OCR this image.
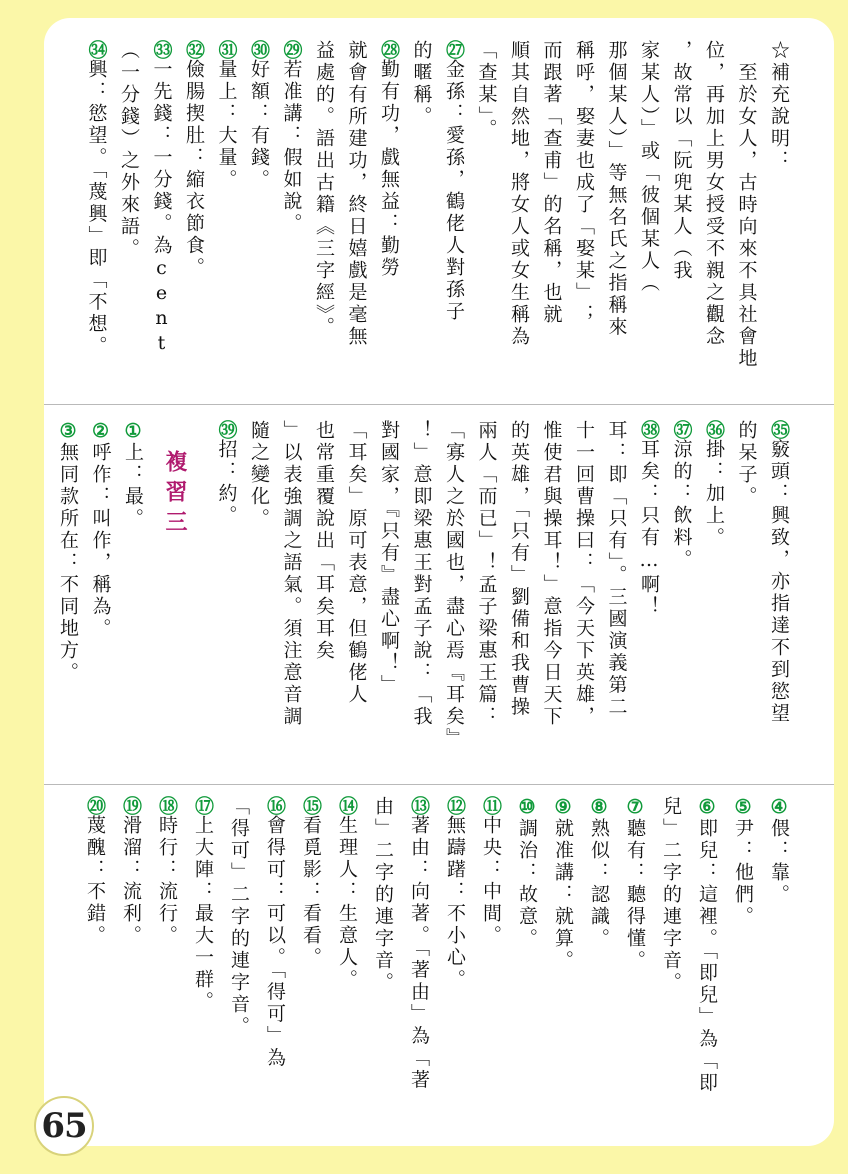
☆補充說明：
　至於女人，古時向來不具社會地
位，再加上男女授受不親之觀念
，故常以「阮兜某人（我
家某人）」或「彼個某人（
那個某人）」等無名氏之指稱來
稱呼，娶妻也成了「娶某」；
而跟著「查甫」的名稱，也就
順其自然地，將女人或女生稱為
「查某」。
㉗金孫：愛孫，鶴佬人對孫子
的暱稱。
㉘勤有功，戲無益：勤勞
就會有所建功，終日嬉戲是毫無
益處的。語出古籍《三字經》。
㉙若准講：假如說。
㉚好額：有錢。
㉛量上：大量。
㉜儉腸揳肚：縮衣節食。
㉝一先錢：一分錢。為cent
（一分錢）之外來語。
㉞興：慾望。「蔑興」即「不想。
㉟竅頭：興致，亦指達不到慾望
的呆子。
㊱掛：加上。
㊲涼的：飲料。
㊳耳矣：只有…啊！
耳：即「只有」。三國演義第二
十一回曹操曰：「今天下英雄，
惟使君與操耳！」意指今日天下
的英雄，「只有」劉備和我曹操
兩人「而已」！孟子梁惠王篇：
「寡人之於國也，盡心焉『耳矣』
！」意即梁惠王對孟子說：「我
對國家，『只有』盡心啊！」
「耳矣」原可表意，但鶴佬人
也常重覆說出「耳矣耳矣
」以表強調之語氣。須注意音調
隨之變化。
㊴招：約。
複習三
①上：最。
②呼作：叫作，稱為。
③無同款所在：不同地方。
④偎：靠。
⑤尹：他們。
⑥即兒：這裡。「即兒」為「即
兒」二字的連字音。
⑦聽有：聽得懂。
⑧熟似：認識。
⑨就准講：就算。
⑩調治：故意。
⑪中央：中間。
⑫無躊躇：不小心。
⑬著由：向著。「著由」為「著
由」二字的連字音。
⑭生理人：生意人。
⑮看覓影：看看。
⑯會得可：可以。「得可」為
「得可」二字的連字音。
⑰上大陣：最大一群。
⑱時行：流行。
⑲滑溜：流利。
⑳蔑醜：不錯。
65
